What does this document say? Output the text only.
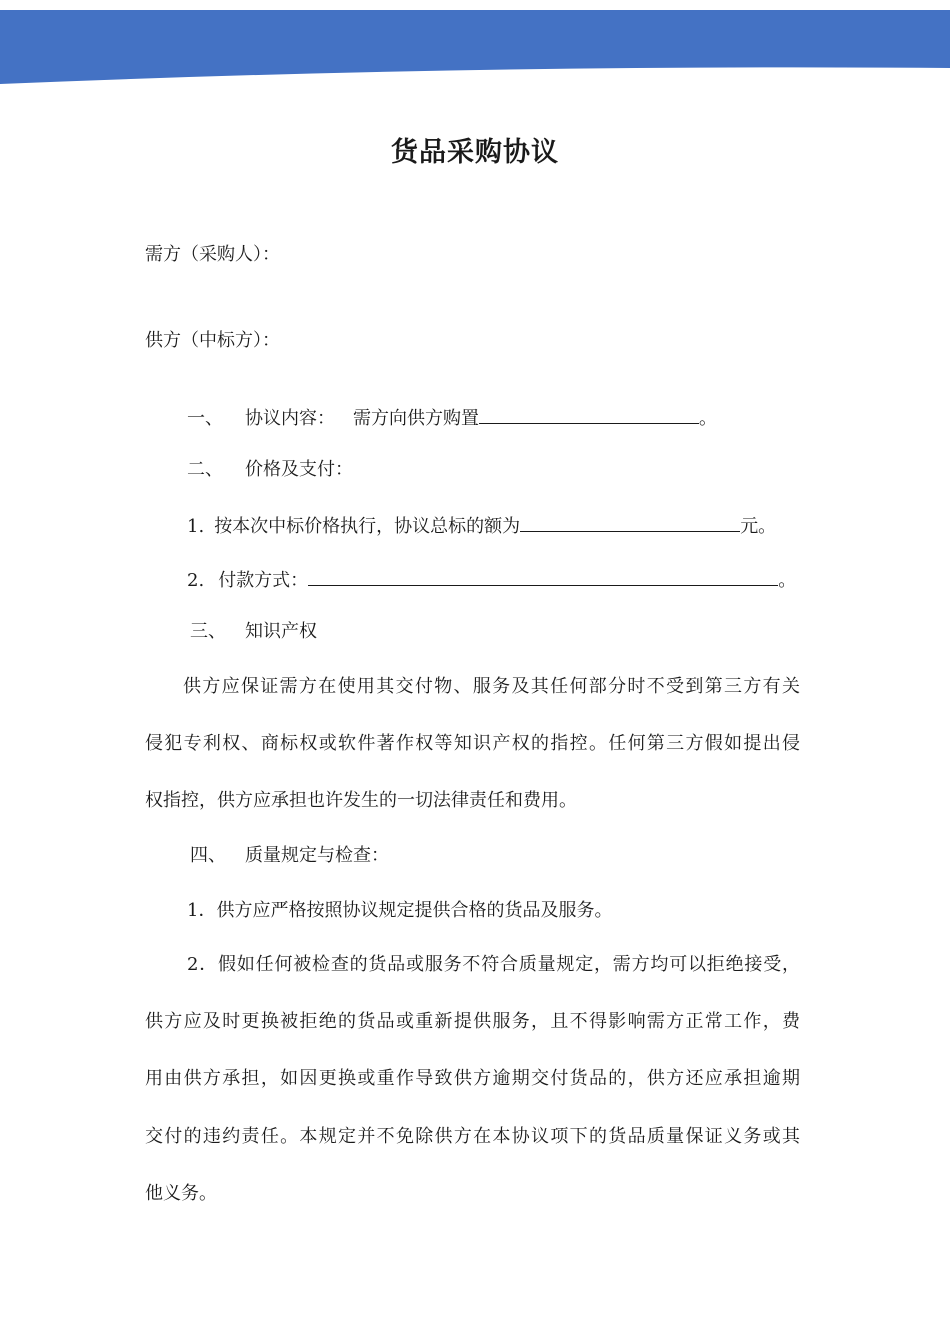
货品采购协议
需方（采购人）：
供方（中标方）：
一、 协议内容： 需方向供方购置	。
二、 价格及支付：
1. 按本次中标价格执行，协议总标的额为	元。
2. 付款方式：	。
三、 知识产权
供方应保证需方在使用其交付物、服务及其任何部分时不受到第三方有关
侵犯专利权、商标权或软件著作权等知识产权的指控。任何第三方假如提出侵
权指控，供方应承担也许发生的一切法律责任和费用。
四、 质量规定与检查：
1．供方应严格按照协议规定提供合格的货品及服务。
2．假如任何被检查的货品或服务不符合质量规定，需方均可以拒绝接受，
供方应及时更换被拒绝的货品或重新提供服务，且不得影响需方正常工作，费
用由供方承担，如因更换或重作导致供方逾期交付货品的，供方还应承担逾期
交付的违约责任。本规定并不免除供方在本协议项下的货品质量保证义务或其
他义务。
